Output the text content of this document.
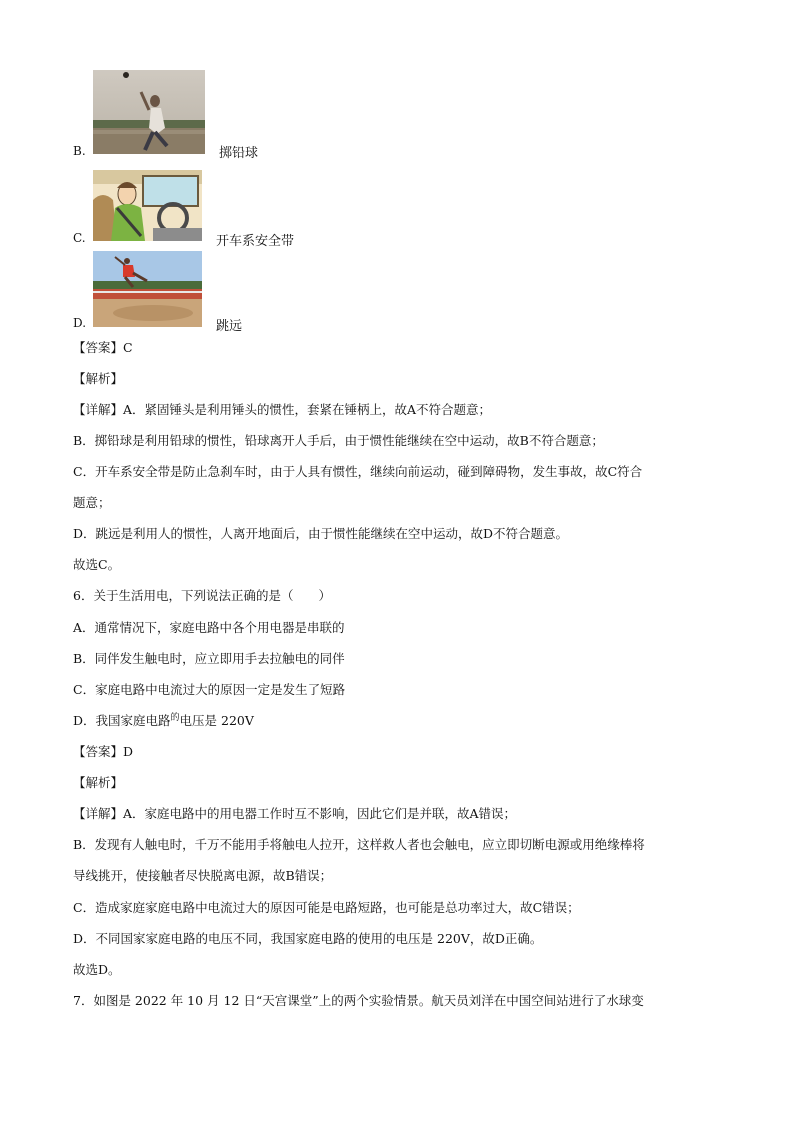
B.	掷铅球
C.	开车系安全带
D.	跳远
【答案】C
【解析】
【详解】A．紧固锤头是利用锤头的惯性，套紧在锤柄上，故A不符合题意；
B．掷铅球是利用铅球的惯性，铅球离开人手后，由于惯性能继续在空中运动，故B不符合题意；
C．开车系安全带是防止急刹车时，由于人具有惯性，继续向前运动，碰到障碍物，发生事故，故C符合
题意；
D．跳远是利用人的惯性，人离开地面后，由于惯性能继续在空中运动，故D不符合题意。
故选C。
6．关于生活用电，下列说法正确的是（　　）
A．通常情况下，家庭电路中各个用电器是串联的
B．同伴发生触电时，应立即用手去拉触电的同伴
C．家庭电路中电流过大的原因一定是发生了短路
D．我国家庭电路$^的$电压是 220V
【答案】D
【解析】
【详解】A．家庭电路中的用电器工作时互不影响，因此它们是并联，故A错误；
B．发现有人触电时，千万不能用手将触电人拉开，这样救人者也会触电，应立即切断电源或用绝缘棒将
导线挑开，使接触者尽快脱离电源，故B错误；
C．造成家庭家庭电路中电流过大的原因可能是电路短路，也可能是总功率过大，故C错误；
D．不同国家家庭电路的电压不同，我国家庭电路的使用的电压是 220V，故D正确。
故选D。
7．如图是 2022 年 10 月 12 日“天宫课堂”上的两个实验情景。航天员刘洋在中国空间站进行了水球变
